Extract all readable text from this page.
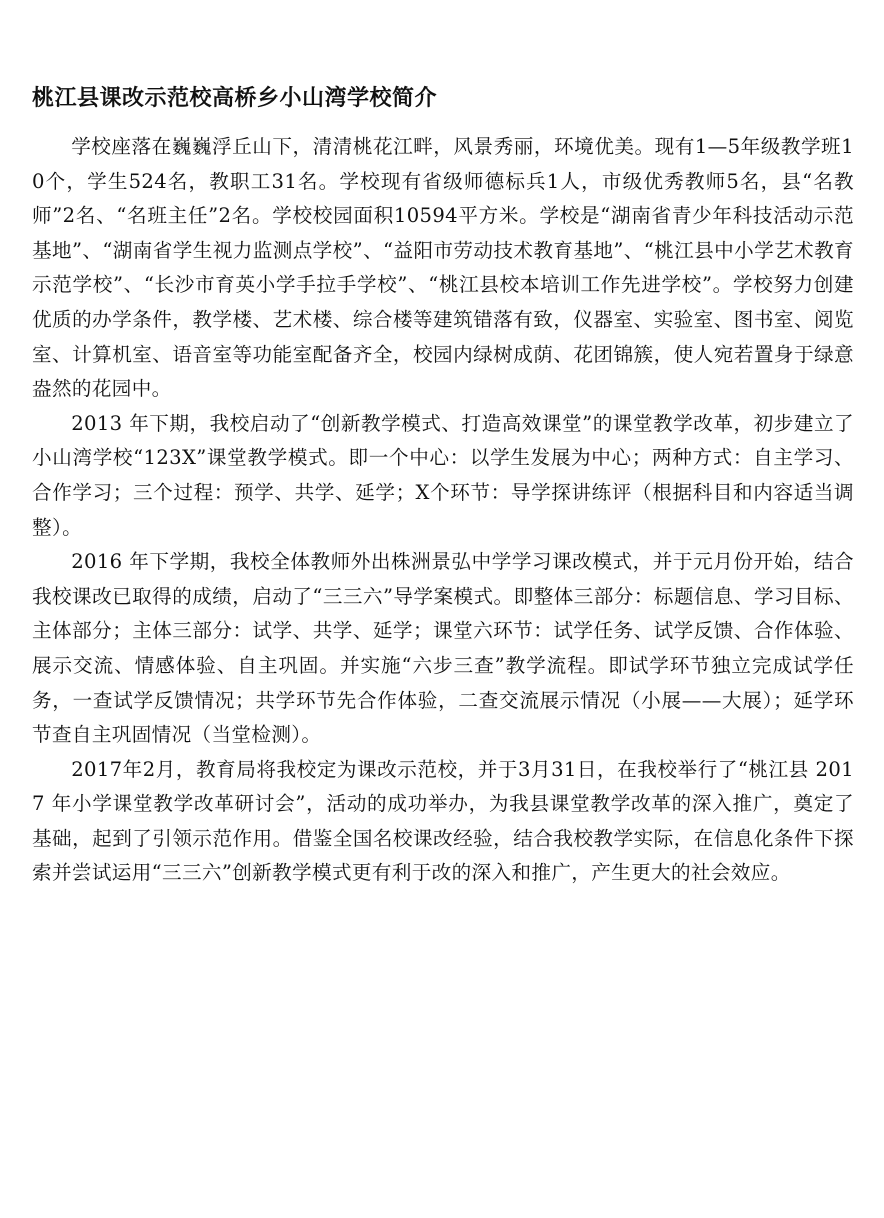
桃江县课改示范校高桥乡小山湾学校简介

学校座落在巍巍浮丘山下，清清桃花江畔，风景秀丽，环境优美。现有1—5年级教学班10个，学生524名，教职工31名。学校现有省级师德标兵1人，市级优秀教师5名，县“名教师”2名、“名班主任”2名。学校校园面积10594平方米。学校是“湖南省青少年科技活动示范基地”、“湖南省学生视力监测点学校”、“益阳市劳动技术教育基地”、“桃江县中小学艺术教育示范学校”、“长沙市育英小学手拉手学校”、“桃江县校本培训工作先进学校”。学校努力创建优质的办学条件，教学楼、艺术楼、综合楼等建筑错落有致，仪器室、实验室、图书室、阅览室、计算机室、语音室等功能室配备齐全，校园内绿树成荫、花团锦簇，使人宛若置身于绿意盎然的花园中。

2013 年下期，我校启动了“创新教学模式、打造高效课堂”的课堂教学改革，初步建立了小山湾学校“123X”课堂教学模式。即一个中心：以学生发展为中心；两种方式：自主学习、合作学习；三个过程：预学、共学、延学；X个环节：导学探讲练评（根据科目和内容适当调整）。

2016 年下学期，我校全体教师外出株洲景弘中学学习课改模式，并于元月份开始，结合我校课改已取得的成绩，启动了“三三六”导学案模式。即整体三部分：标题信息、学习目标、主体部分；主体三部分：试学、共学、延学；课堂六环节：试学任务、试学反馈、合作体验、展示交流、情感体验、自主巩固。并实施“六步三查”教学流程。即试学环节独立完成试学任务，一查试学反馈情况；共学环节先合作体验，二查交流展示情况（小展——大展）；延学环节查自主巩固情况（当堂检测）。

2017年2月，教育局将我校定为课改示范校，并于3月31日，在我校举行了“桃江县 2017 年小学课堂教学改革研讨会”，活动的成功举办，为我县课堂教学改革的深入推广，奠定了基础，起到了引领示范作用。借鉴全国名校课改经验，结合我校教学实际，在信息化条件下探索并尝试运用“三三六”创新教学模式更有利于改的深入和推广，产生更大的社会效应。
